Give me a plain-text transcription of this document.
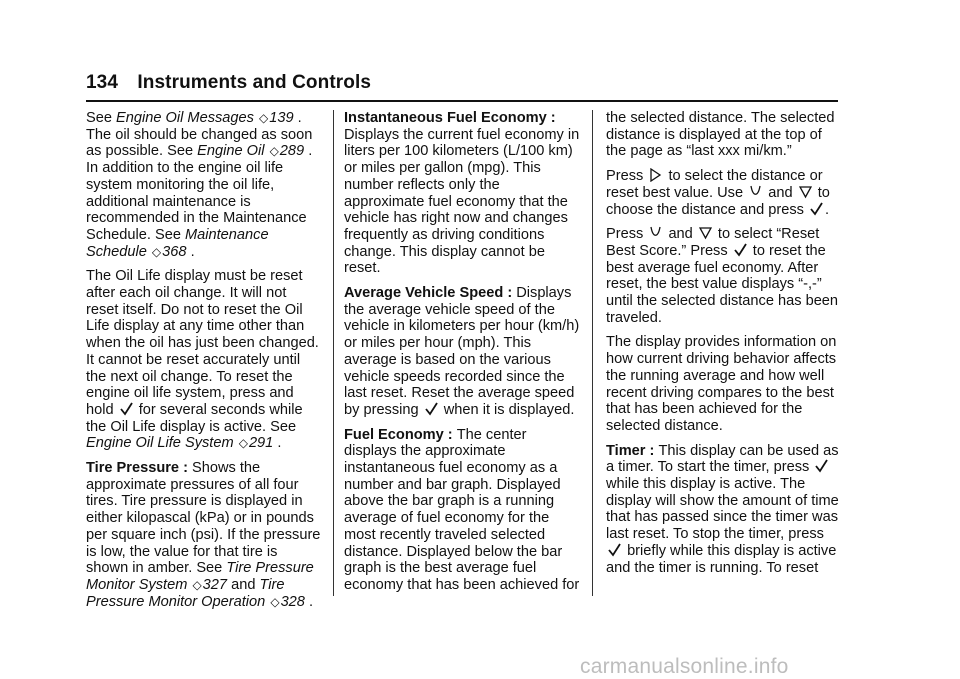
134 Instruments and Controls

See Engine Oil Messages ◇139 . The oil should be changed as soon as possible. See Engine Oil ◇289 . In addition to the engine oil life system monitoring the oil life, additional maintenance is recommended in the Maintenance Schedule. See Maintenance Schedule ◇368 .

The Oil Life display must be reset after each oil change. It will not reset itself. Do not to reset the Oil Life display at any time other than when the oil has just been changed. It cannot be reset accurately until the next oil change. To reset the engine oil life system, press and hold for several seconds while the Oil Life display is active. See Engine Oil Life System ◇291 .

Tire Pressure : Shows the approximate pressures of all four tires. Tire pressure is displayed in either kilopascal (kPa) or in pounds per square inch (psi). If the pressure is low, the value for that tire is shown in amber. See Tire Pressure Monitor System ◇327 and Tire Pressure Monitor Operation ◇328 .

Instantaneous Fuel Economy : Displays the current fuel economy in liters per 100 kilometers (L/100 km) or miles per gallon (mpg). This number reflects only the approximate fuel economy that the vehicle has right now and changes frequently as driving conditions change. This display cannot be reset.

Average Vehicle Speed : Displays the average vehicle speed of the vehicle in kilometers per hour (km/h) or miles per hour (mph). This average is based on the various vehicle speeds recorded since the last reset. Reset the average speed by pressing when it is displayed.

Fuel Economy : The center displays the approximate instantaneous fuel economy as a number and bar graph. Displayed above the bar graph is a running average of fuel economy for the most recently traveled selected distance. Displayed below the bar graph is the best average fuel economy that has been achieved for

the selected distance. The selected distance is displayed at the top of the page as “last xxx mi/km.”

Press to select the distance or reset best value. Use and to choose the distance and press .

Press and to select “Reset Best Score.” Press to reset the best average fuel economy. After reset, the best value displays “-,-” until the selected distance has been traveled.

The display provides information on how current driving behavior affects the running average and how well recent driving compares to the best that has been achieved for the selected distance.

Timer : This display can be used as a timer. To start the timer, press
while this display is active. The display will show the amount of time that has passed since the timer was last reset. To stop the timer, press
briefly while this display is active and the timer is running. To reset

carmanualsonline.info
